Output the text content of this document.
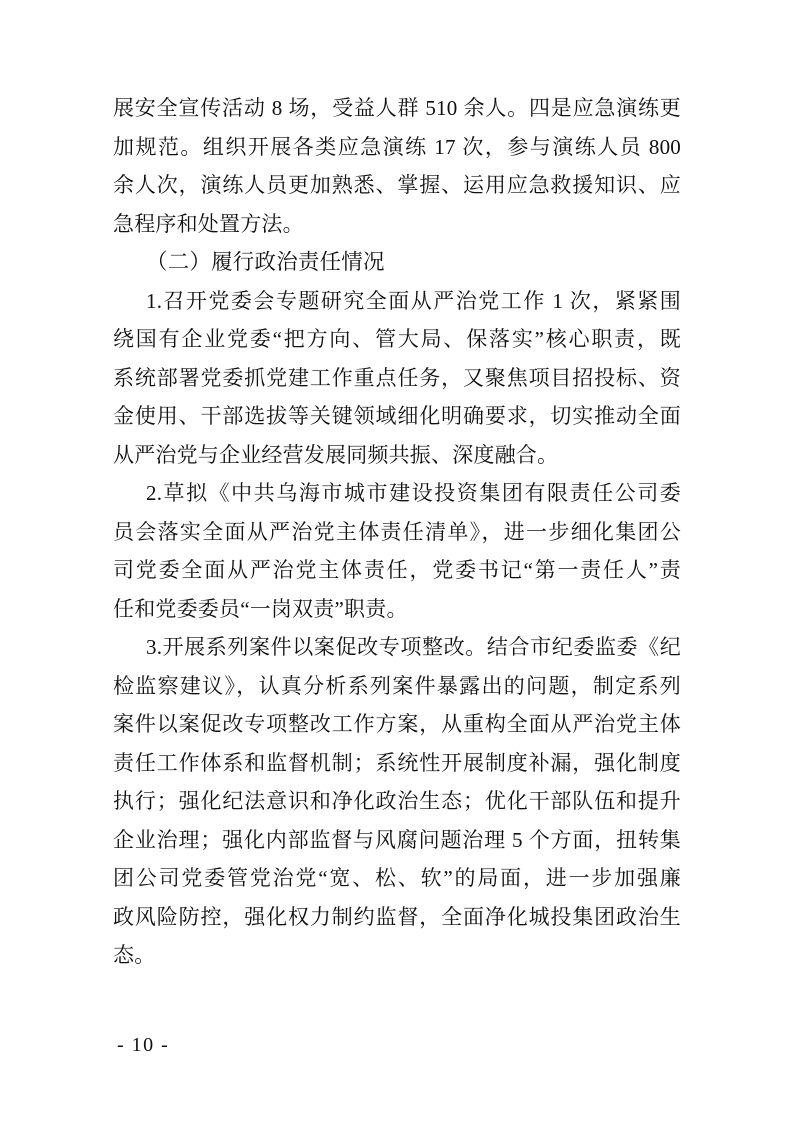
展安全宣传活动 8 场，受益人群 510 余人。四是应急演练更
加规范。组织开展各类应急演练 17 次，参与演练人员 800
余人次，演练人员更加熟悉、掌握、运用应急救援知识、应
急程序和处置方法。
（二）履行政治责任情况
1.召开党委会专题研究全面从严治党工作 1 次，紧紧围
绕国有企业党委“把方向、管大局、保落实”核心职责，既
系统部署党委抓党建工作重点任务，又聚焦项目招投标、资
金使用、干部选拔等关键领域细化明确要求，切实推动全面
从严治党与企业经营发展同频共振、深度融合。
2.草拟《中共乌海市城市建设投资集团有限责任公司委
员会落实全面从严治党主体责任清单》，进一步细化集团公
司党委全面从严治党主体责任，党委书记“第一责任人”责
任和党委委员“一岗双责”职责。
3.开展系列案件以案促改专项整改。结合市纪委监委《纪
检监察建议》，认真分析系列案件暴露出的问题，制定系列
案件以案促改专项整改工作方案，从重构全面从严治党主体
责任工作体系和监督机制；系统性开展制度补漏，强化制度
执行；强化纪法意识和净化政治生态；优化干部队伍和提升
企业治理；强化内部监督与风腐问题治理 5 个方面，扭转集
团公司党委管党治党“宽、松、软”的局面，进一步加强廉
政风险防控，强化权力制约监督，全面净化城投集团政治生
态。
- 10 -
